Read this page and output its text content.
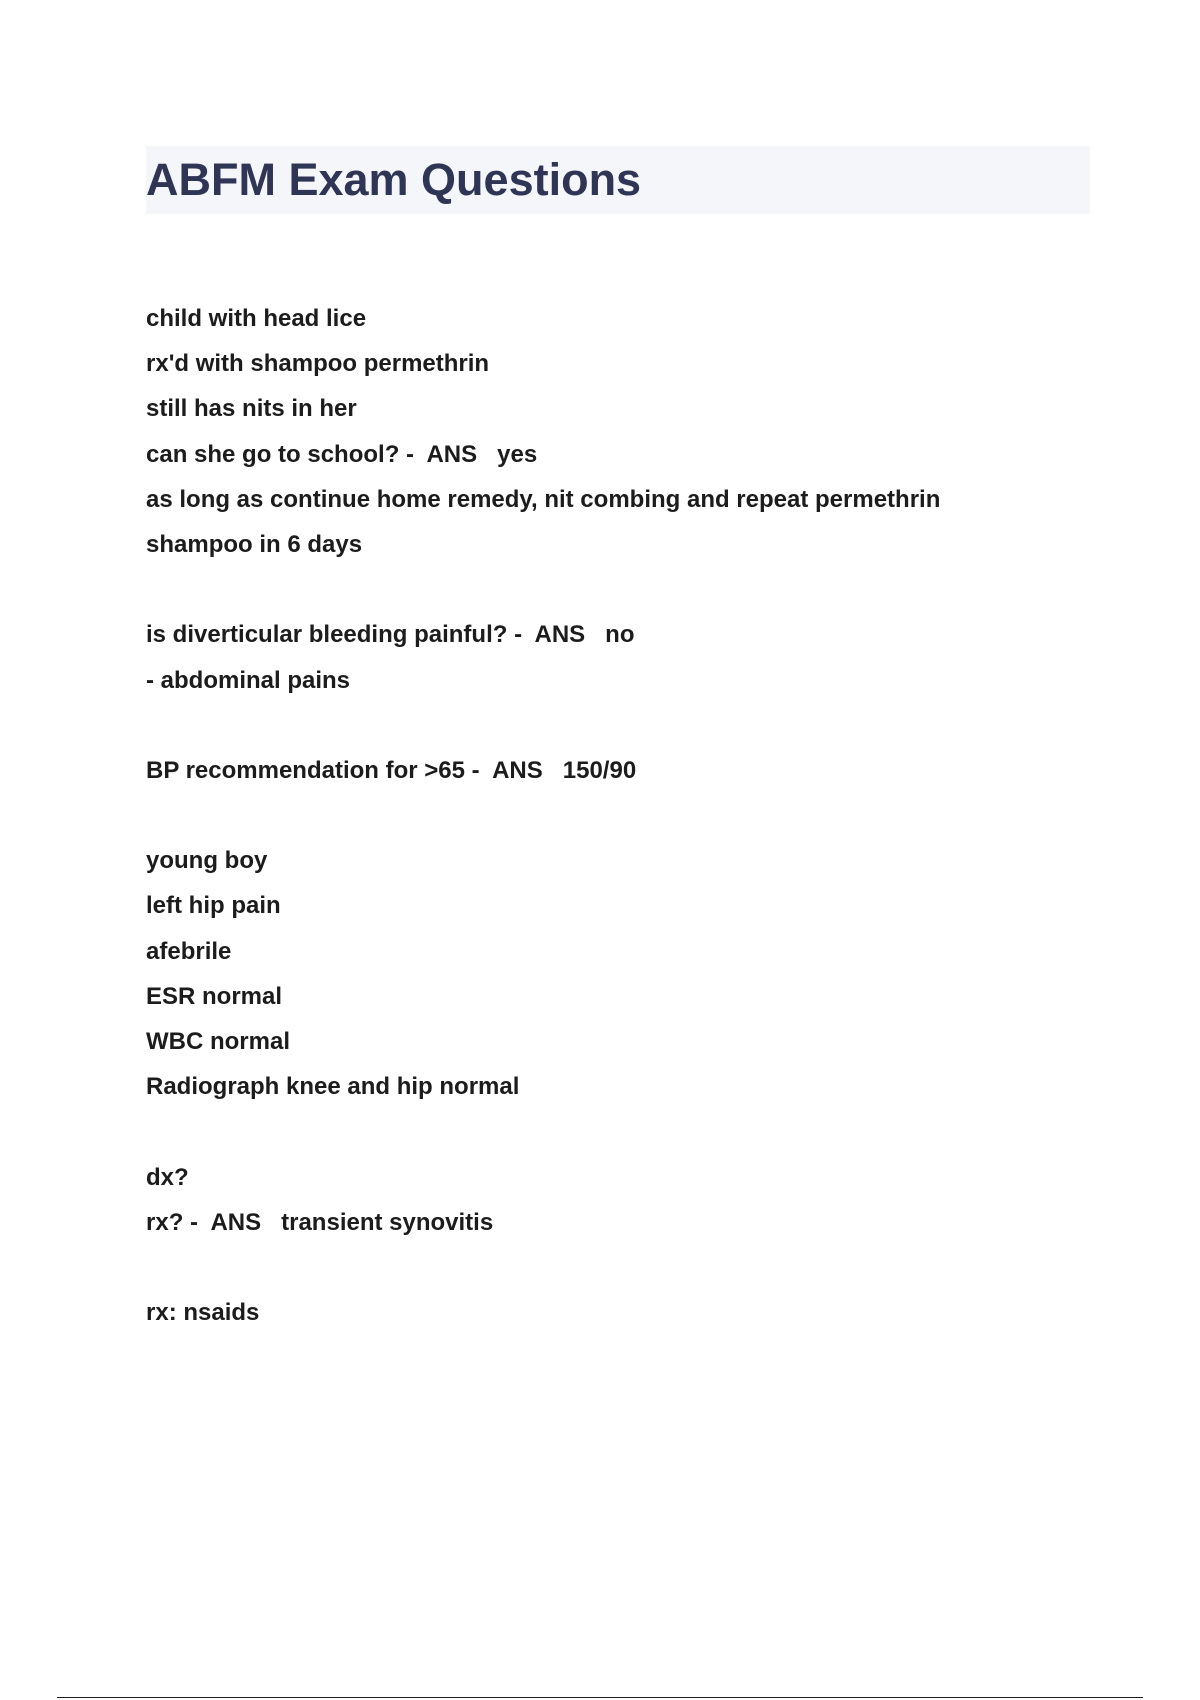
ABFM Exam Questions
child with head lice
rx'd with shampoo permethrin
still has nits in her
can she go to school? -  ANS   yes
as long as continue home remedy, nit combing and repeat permethrin
shampoo in 6 days
is diverticular bleeding painful? -  ANS   no
- abdominal pains
BP recommendation for >65 -  ANS   150/90
young boy
left hip pain
afebrile
ESR normal
WBC normal
Radiograph knee and hip normal
dx?
rx? -  ANS   transient synovitis
rx: nsaids
